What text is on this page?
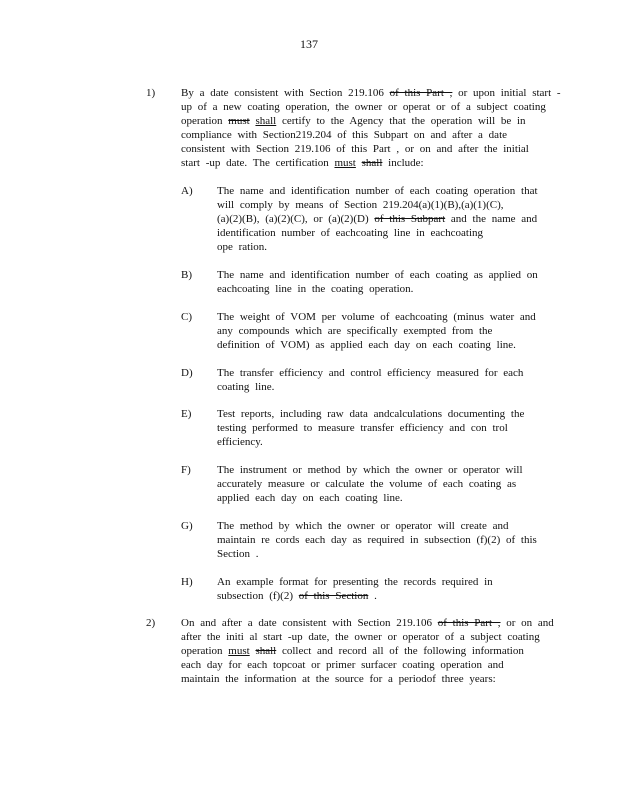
137
1) By a date consistent with Section 219.106 of this Part , or upon initial start -
up of a new coating operation, the owner or operat or of a subject coating
operation must shall certify to the Agency that the operation will be in
compliance with Section219.204 of this Subpart on and after a date
consistent with Section 219.106 of this Part , or on and after the initial
start -up date. The certification must shall include:
A) The name and identification number of each coating operation that
will comply by means of Section 219.204(a)(1)(B),(a)(1)(C),
(a)(2)(B), (a)(2)(C), or (a)(2)(D) of this Subpart and the name and
identification number of eachcoating line in eachcoating
ope ration.
B) The name and identification number of each coating as applied on
eachcoating line in the coating operation.
C) The weight of VOM per volume of eachcoating (minus water and
any compounds which are specifically exempted from the
definition of VOM) as applied each day on each coating line.
D) The transfer efficiency and control efficiency measured for each
coating line.
E) Test reports, including raw data andcalculations documenting the
testing performed to measure transfer efficiency and con trol
efficiency.
F) The instrument or method by which the owner or operator will
accurately measure or calculate the volume of each coating as
applied each day on each coating line.
G) The method by which the owner or operator will create and
maintain re cords each day as required in subsection (f)(2) of this
Section .
H) An example format for presenting the records required in
subsection (f)(2) of this Section .
2) On and after a date consistent with Section 219.106 of this Part , or on and
after the initi al start -up date, the owner or operator of a subject coating
operation must shall collect and record all of the following information
each day for each topcoat or primer surfacer coating operation and
maintain the information at the source for a periodof three years:
